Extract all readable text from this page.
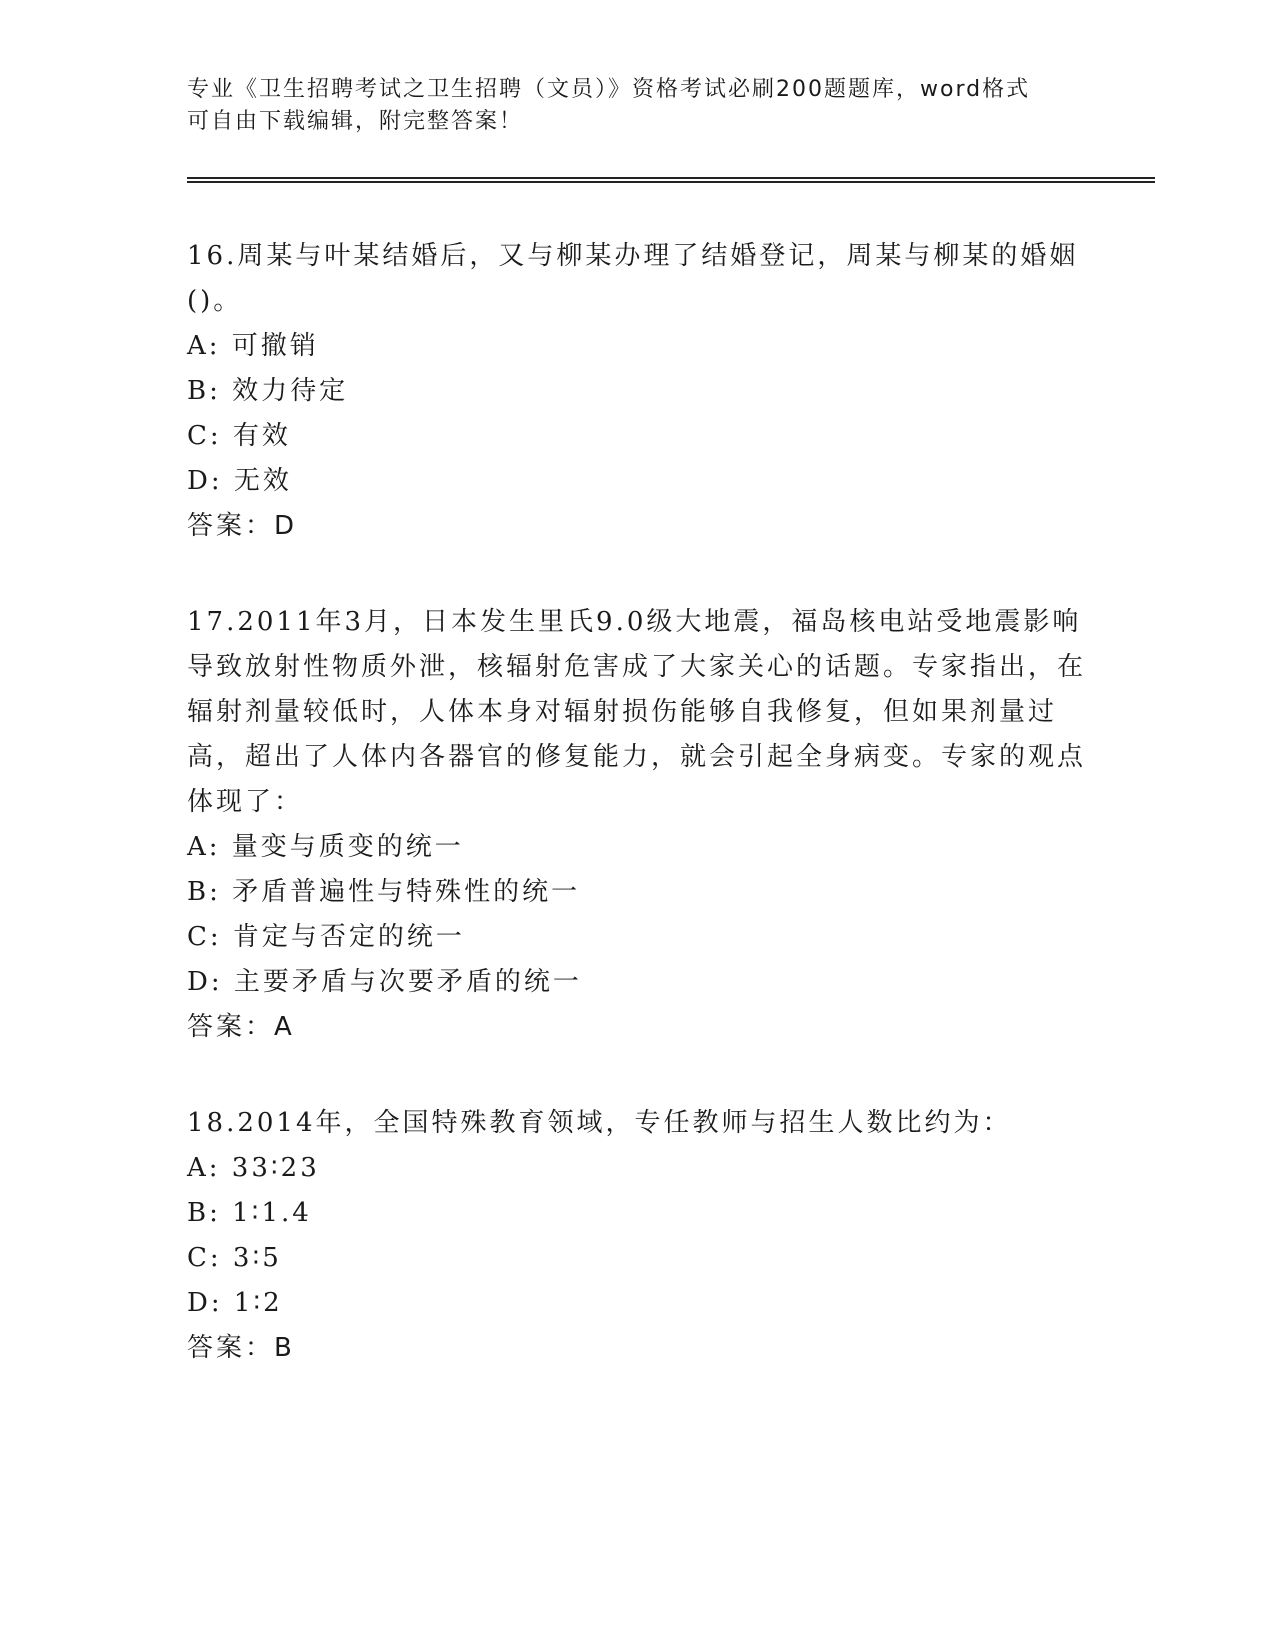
专业《卫生招聘考试之卫生招聘（文员）》资格考试必刷200题题库，word格式
可自由下载编辑，附完整答案！

16.周某与叶某结婚后，又与柳某办理了结婚登记，周某与柳某的婚姻()。

A: 可撤销

B: 效力待定

C: 有效

D: 无效

答案：D

17.2011年3月，日本发生里氏9.0级大地震，福岛核电站受地震影响导致放射性物质外泄，核辐射危害成了大家关心的话题。专家指出，在辐射剂量较低时，人体本身对辐射损伤能够自我修复，但如果剂量过高，超出了人体内各器官的修复能力，就会引起全身病变。专家的观点体现了：

A: 量变与质变的统一

B: 矛盾普遍性与特殊性的统一

C: 肯定与否定的统一

D: 主要矛盾与次要矛盾的统一

答案：A

18.2014年，全国特殊教育领域，专任教师与招生人数比约为：

A: 33∶23

B: 1∶1.4

C: 3∶5

D: 1∶2

答案：B
